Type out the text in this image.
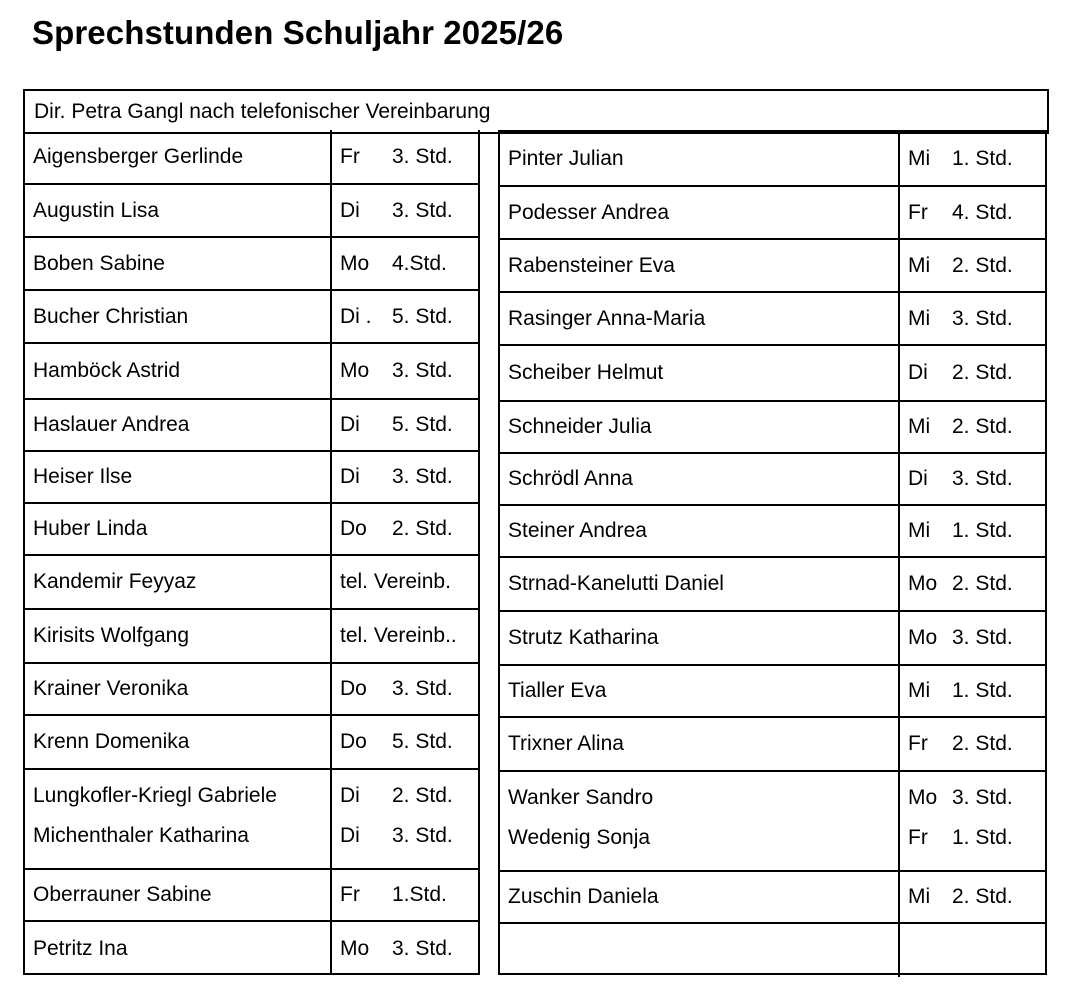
Sprechstunden Schuljahr 2025/26
Dir. Petra Gangl nach telefonischer Vereinbarung
Aigensberger Gerlinde	Fr	3. Std.
Augustin Lisa	Di	3. Std.
Boben Sabine	Mo	4.Std.
Bucher Christian	Di . 5. Std.
Hamböck Astrid	Mo	3. Std.
Haslauer Andrea	Di	5. Std.
Heiser Ilse	Di	3. Std.
Huber Linda	Do	2. Std.
Kandemir Feyyaz	tel. Vereinb.
Kirisits Wolfgang	tel. Vereinb..
Krainer Veronika	Do	3. Std.
Krenn Domenika	Do	5. Std.
Lungkofler-Kriegl Gabriele	Di	2. Std.
Michenthaler Katharina	Di	3. Std.
Oberrauner Sabine	Fr	1.Std.
Petritz Ina	Mo	3. Std.
Pinter Julian	Mi	1. Std.
Podesser Andrea	Fr	4. Std.
Rabensteiner Eva	Mi	2. Std.
Rasinger Anna-Maria	Mi	3. Std.
Scheiber Helmut	Di	2. Std.
Schneider Julia	Mi	2. Std.
Schrödl Anna	Di	3. Std.
Steiner Andrea	Mi	1. Std.
Strnad-Kanelutti Daniel	Mo 2. Std.
Strutz Katharina	Mo 3. Std.
Tialler Eva	Mi	1. Std.
Trixner Alina	Fr	2. Std.
Wanker Sandro	Mo 3. Std.
Wedenig Sonja	Fr	1. Std.
Zuschin Daniela	Mi	2. Std.
